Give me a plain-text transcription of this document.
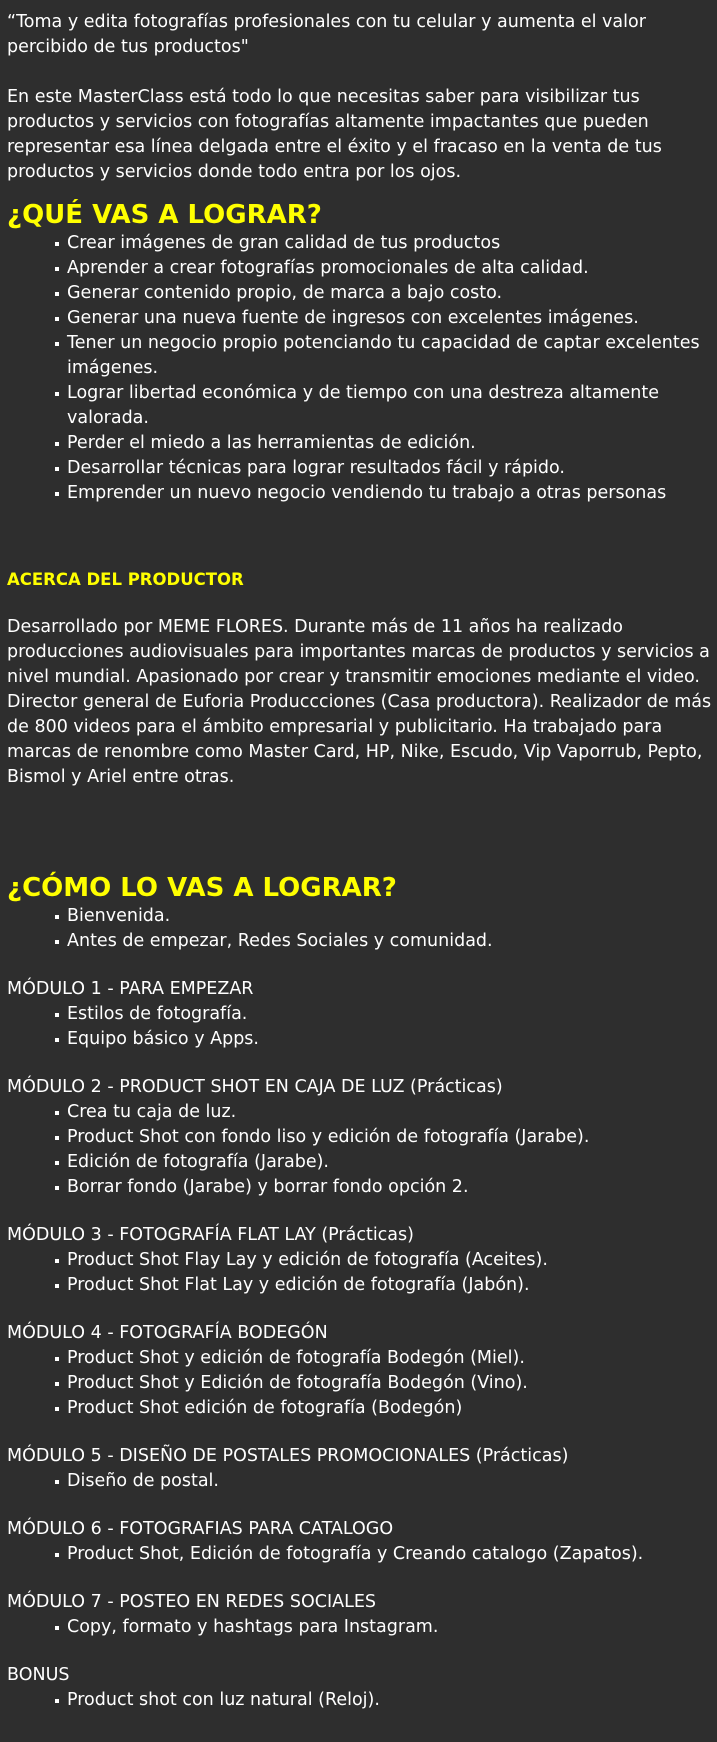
“Toma y edita fotografías profesionales con tu celular y aumenta el valor percibido de tus productos"

En este MasterClass está todo lo que necesitas saber para visibilizar tus productos y servicios con fotografías altamente impactantes que pueden representar esa línea delgada entre el éxito y el fracaso en la venta de tus productos y servicios donde todo entra por los ojos.

¿QUÉ VAS A LOGRAR?
Crear imágenes de gran calidad de tus productos
Aprender a crear fotografías promocionales de alta calidad.
Generar contenido propio, de marca a bajo costo.
Generar una nueva fuente de ingresos con excelentes imágenes.
Tener un negocio propio potenciando tu capacidad de captar excelentes imágenes.
Lograr libertad económica y de tiempo con una destreza altamente valorada.
Perder el miedo a las herramientas de edición.
Desarrollar técnicas para lograr resultados fácil y rápido.
Emprender un nuevo negocio vendiendo tu trabajo a otras personas
ACERCA DEL PRODUCTOR

Desarrollado por MEME FLORES. Durante más de 11 años ha realizado producciones audiovisuales para importantes marcas de productos y servicios a nivel mundial. Apasionado por crear y transmitir emociones mediante el video. Director general de Euforia Produccciones (Casa productora). Realizador de más de 800 videos para el ámbito empresarial y publicitario. Ha trabajado para marcas de renombre como Master Card, HP, Nike, Escudo, Vip Vaporrub, Pepto, Bismol y Ariel entre otras.

¿CÓMO LO VAS A LOGRAR?
Bienvenida.
Antes de empezar, Redes Sociales y comunidad.

MÓDULO 1 - PARA EMPEZAR

Estilos de fotografía.
Equipo básico y Apps.

MÓDULO 2 - PRODUCT SHOT EN CAJA DE LUZ (Prácticas)

Crea tu caja de luz.
Product Shot con fondo liso y edición de fotografía (Jarabe).
Edición de fotografía (Jarabe).
Borrar fondo (Jarabe) y borrar fondo opción 2.

MÓDULO 3 - FOTOGRAFÍA FLAT LAY (Prácticas)

Product Shot Flay Lay y edición de fotografía (Aceites).
Product Shot Flat Lay y edición de fotografía (Jabón).

MÓDULO 4 - FOTOGRAFÍA BODEGÓN

Product Shot y edición de fotografía Bodegón (Miel).
Product Shot y Edición de fotografía Bodegón (Vino).
Product Shot edición de fotografía (Bodegón)

MÓDULO 5 - DISEÑO DE POSTALES PROMOCIONALES (Prácticas)

Diseño de postal.

MÓDULO 6 - FOTOGRAFIAS PARA CATALOGO

Product Shot, Edición de fotografía y Creando catalogo (Zapatos).

MÓDULO 7 - POSTEO EN REDES SOCIALES

Copy, formato y hashtags para Instagram.

BONUS

Product shot con luz natural (Reloj).
